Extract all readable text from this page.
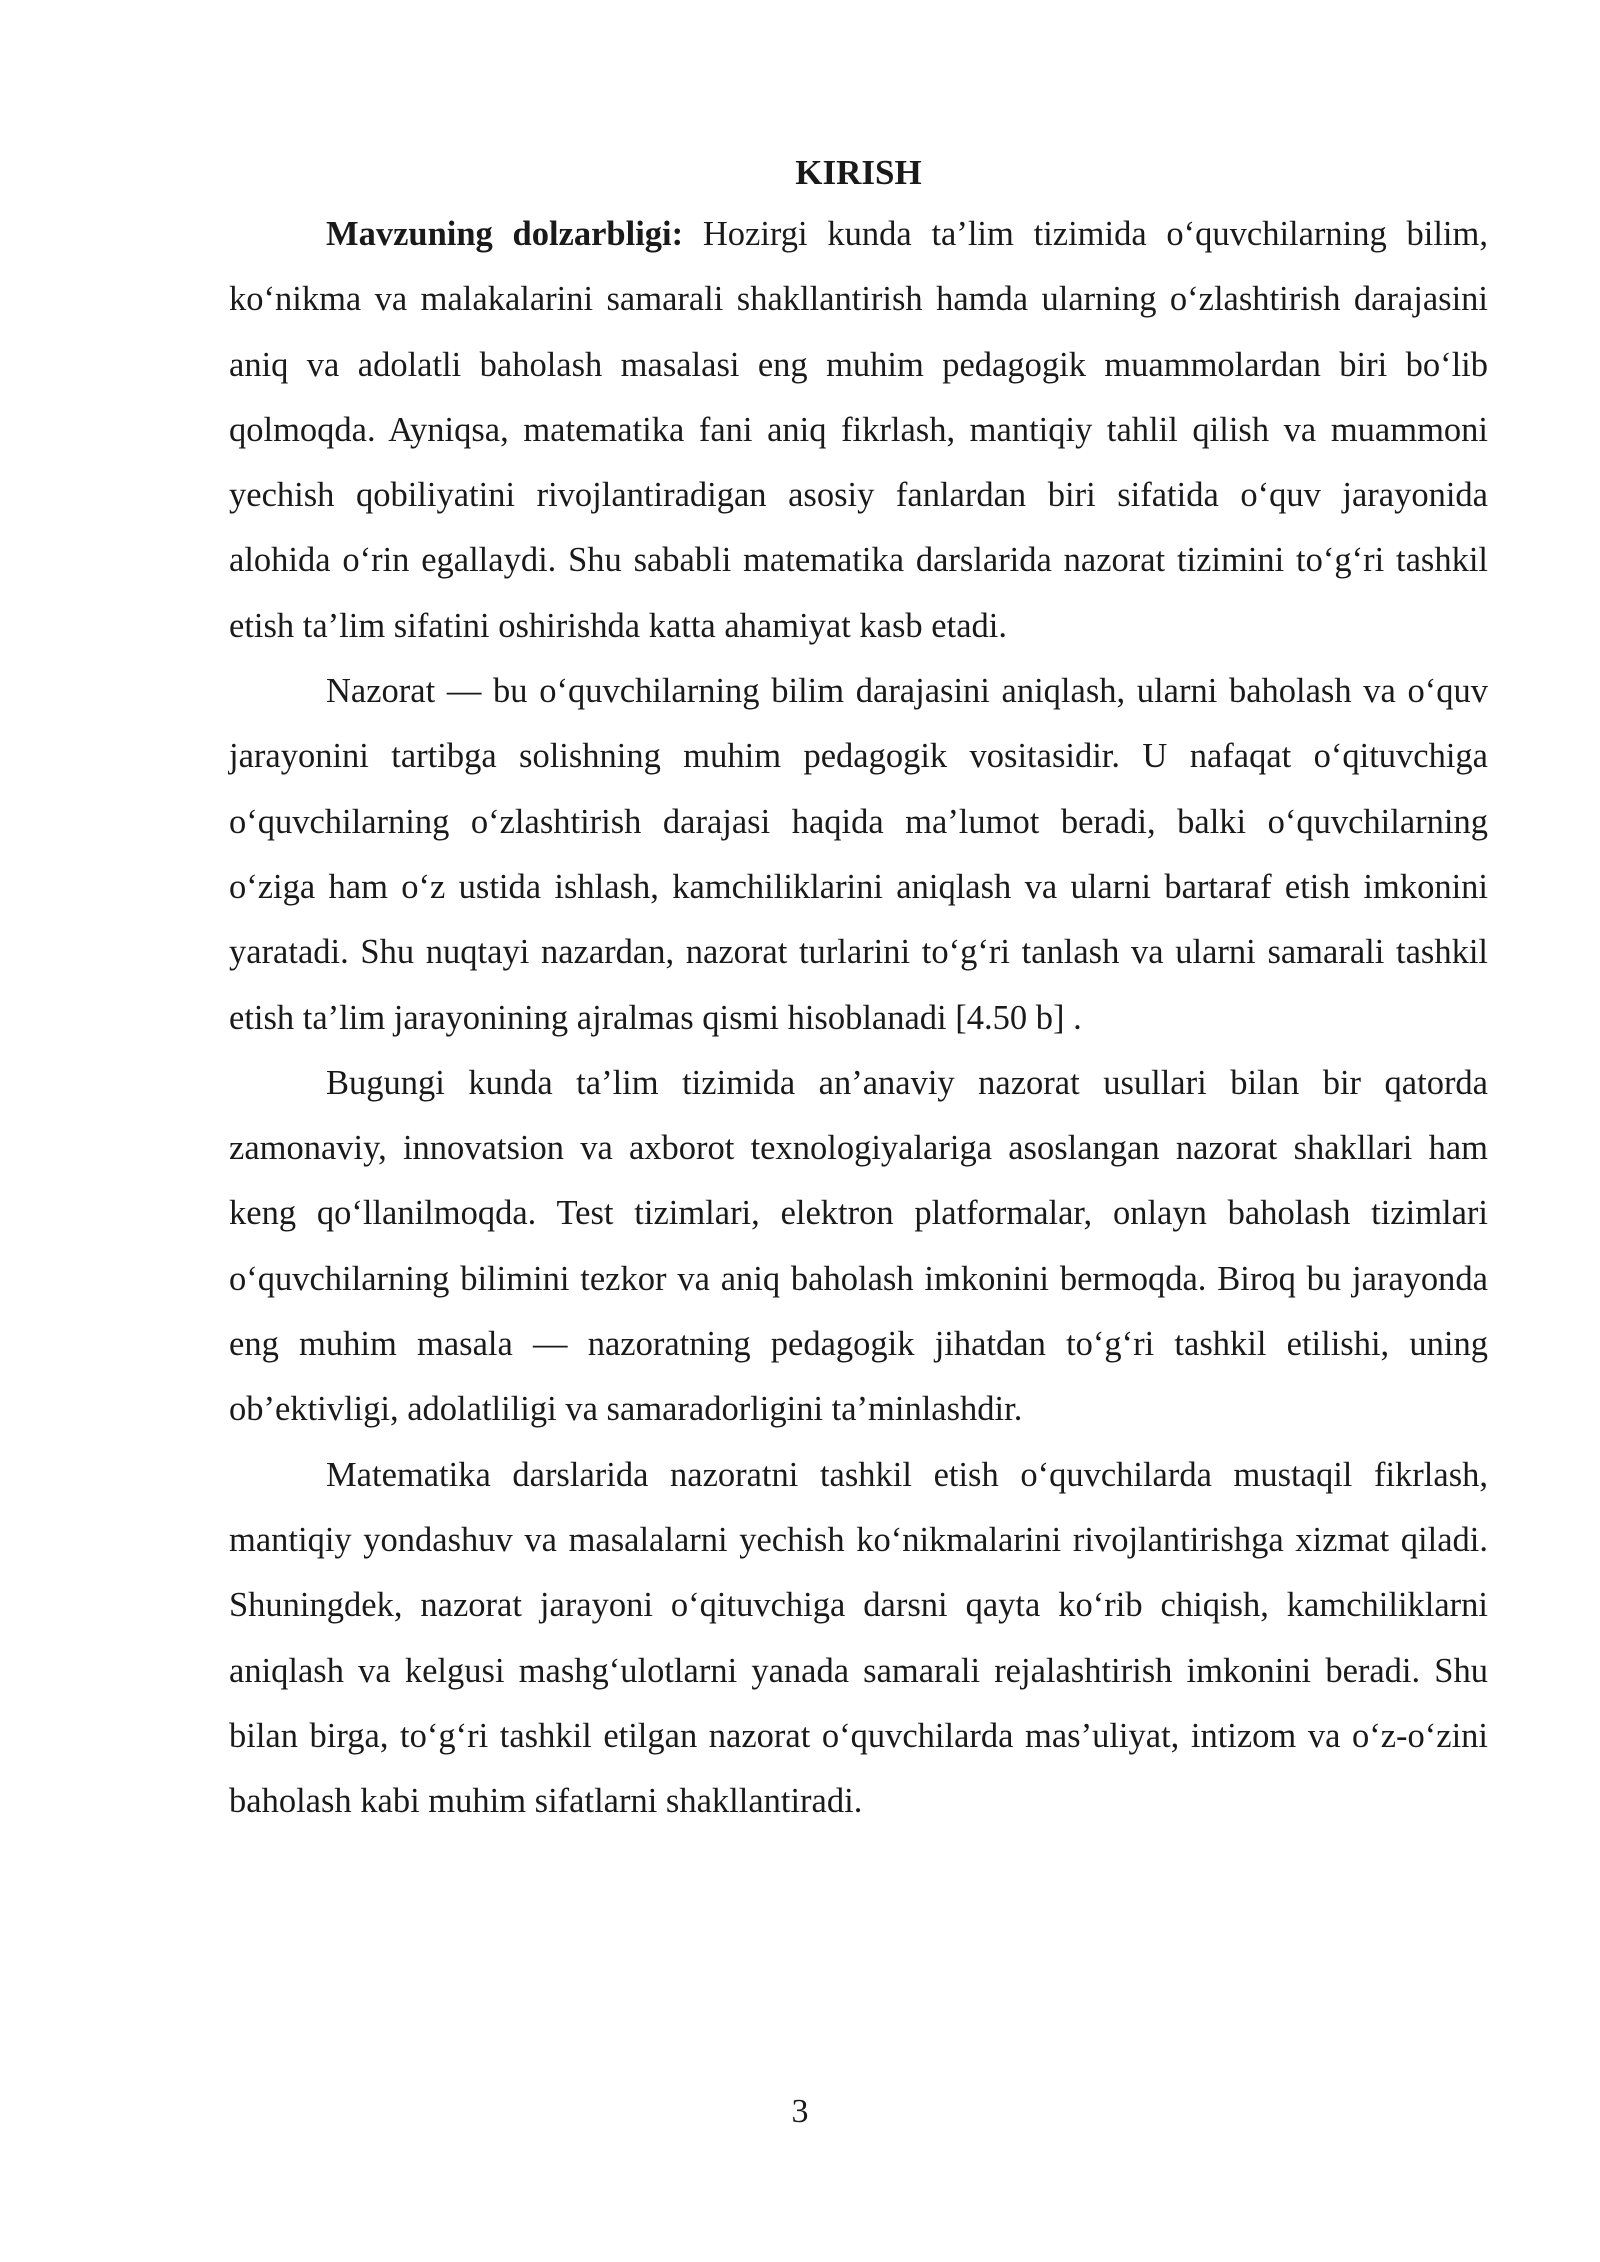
KIRISH

Mavzuning dolzarbligi: Hozirgi kunda ta’lim tizimida o‘quvchilarning bilim, ko‘nikma va malakalarini samarali shakllantirish hamda ularning o‘zlashtirish darajasini aniq va adolatli baholash masalasi eng muhim pedagogik muammolardan biri bo‘lib qolmoqda. Ayniqsa, matematika fani aniq fikrlash, mantiqiy tahlil qilish va muammoni yechish qobiliyatini rivojlantiradigan asosiy fanlardan biri sifatida o‘quv jarayonida alohida o‘rin egallaydi. Shu sababli matematika darslarida nazorat tizimini to‘g‘ri tashkil etish ta’lim sifatini oshirishda katta ahamiyat kasb etadi.

Nazorat — bu o‘quvchilarning bilim darajasini aniqlash, ularni baholash va o‘quv jarayonini tartibga solishning muhim pedagogik vositasidir. U nafaqat o‘qituvchiga o‘quvchilarning o‘zlashtirish darajasi haqida ma’lumot beradi, balki o‘quvchilarning o‘ziga ham o‘z ustida ishlash, kamchiliklarini aniqlash va ularni bartaraf etish imkonini yaratadi. Shu nuqtayi nazardan, nazorat turlarini to‘g‘ri tanlash va ularni samarali tashkil etish ta’lim jarayonining ajralmas qismi hisoblanadi [4.50 b] .

Bugungi kunda ta’lim tizimida an’anaviy nazorat usullari bilan bir qatorda zamonaviy, innovatsion va axborot texnologiyalariga asoslangan nazorat shakllari ham keng qo‘llanilmoqda. Test tizimlari, elektron platformalar, onlayn baholash tizimlari o‘quvchilarning bilimini tezkor va aniq baholash imkonini bermoqda. Biroq bu jarayonda eng muhim masala — nazoratning pedagogik jihatdan to‘g‘ri tashkil etilishi, uning ob’ektivligi, adolatliligi va samaradorligini ta’minlashdir.

Matematika darslarida nazoratni tashkil etish o‘quvchilarda mustaqil fikrlash, mantiqiy yondashuv va masalalarni yechish ko‘nikmalarini rivojlantirishga xizmat qiladi. Shuningdek, nazorat jarayoni o‘qituvchiga darsni qayta ko‘rib chiqish, kamchiliklarni aniqlash va kelgusi mashg‘ulotlarni yanada samarali rejalashtirish imkonini beradi. Shu bilan birga, to‘g‘ri tashkil etilgan nazorat o‘quvchilarda mas’uliyat, intizom va o‘z-o‘zini baholash kabi muhim sifatlarni shakllantiradi.

3
